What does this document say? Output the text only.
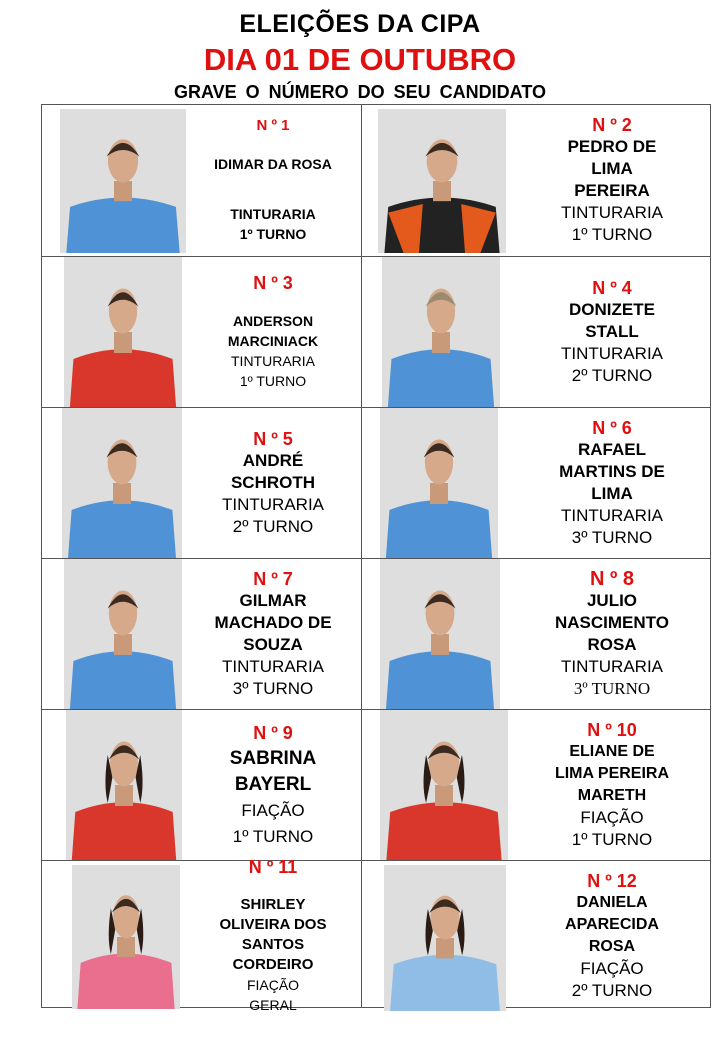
ELEIÇÕES DA CIPA
DIA 01 DE OUTUBRO
GRAVE O NÚMERO DO SEU CANDIDATO
N º 1
IDIMAR DA ROSA
TINTURARIA
1º TURNO
N º 2
PEDRO DE
LIMA
PEREIRA
TINTURARIA
1º TURNO
N º 3
ANDERSON
MARCINIACK
TINTURARIA
1º TURNO
N º 4
DONIZETE
STALL
TINTURARIA
2º TURNO
N º 5
ANDRÉ
SCHROTH
TINTURARIA
2º TURNO
N º 6
RAFAEL
MARTINS DE
LIMA
TINTURARIA
3º TURNO
N º 7
GILMAR
MACHADO DE
SOUZA
TINTURARIA
3º TURNO
N º 8
JULIO
NASCIMENTO
ROSA
TINTURARIA
3º TURNO
N º 9
SABRINA
BAYERL
FIAÇÃO
1º TURNO
N º 10
ELIANE DE
LIMA PEREIRA
MARETH
FIAÇÃO
1º TURNO
N º 11
SHIRLEY
OLIVEIRA DOS
SANTOS
CORDEIRO
FIAÇÃO
GERAL
N º 12
DANIELA
APARECIDA
ROSA
FIAÇÃO
2º TURNO
